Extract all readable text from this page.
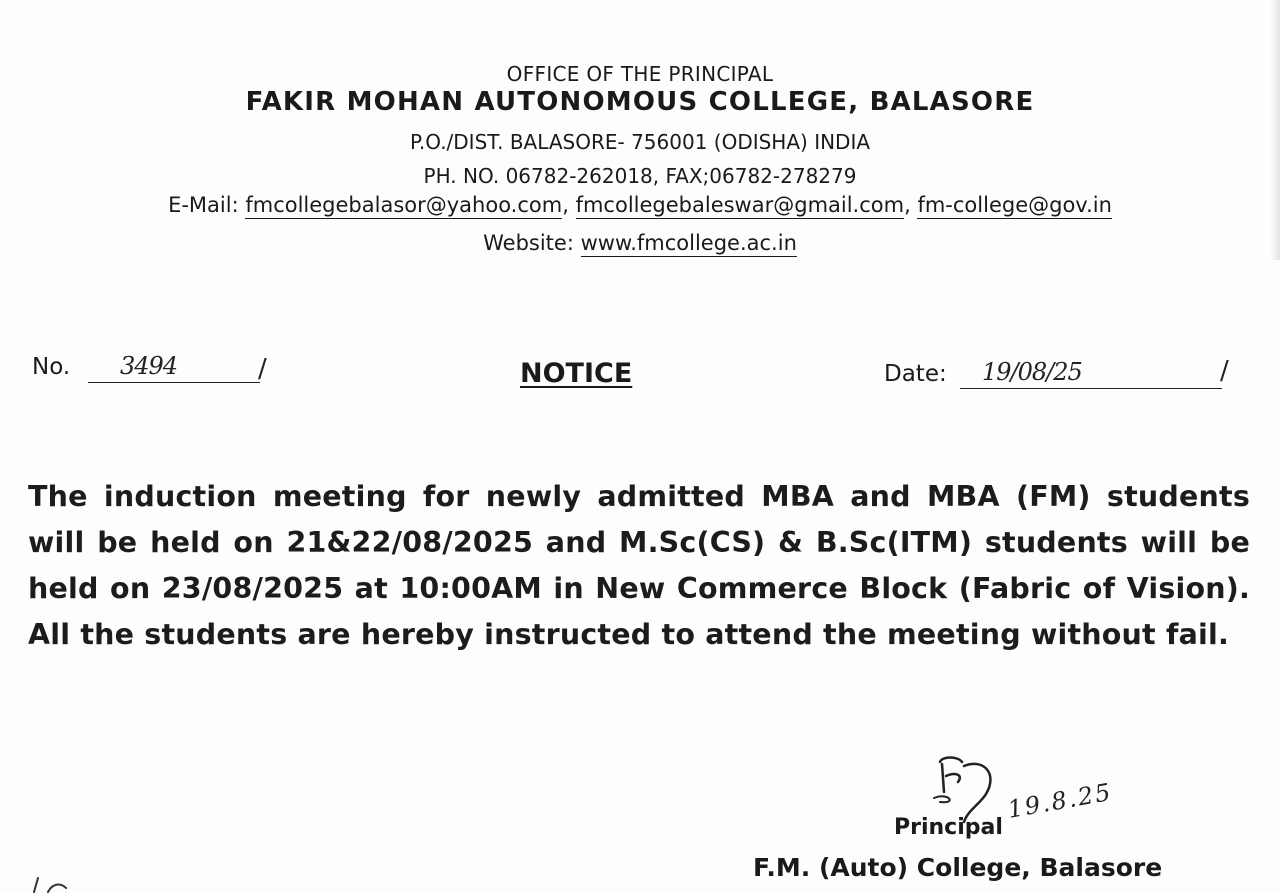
OFFICE OF THE PRINCIPAL
FAKIR MOHAN AUTONOMOUS COLLEGE, BALASORE
P.O./DIST. BALASORE- 756001 (ODISHA) INDIA
PH. NO. 06782-262018, FAX;06782-278279
E-Mail: fmcollegebalasor@yahoo.com, fmcollegebaleswar@gmail.com, fm-college@gov.in
Website: www.fmcollege.ac.in
No. 3494	/	NOTICE	Date: 19/08/25	/
The induction meeting for newly admitted MBA and MBA (FM) students will be held on 21&22/08/2025 and M.Sc(CS) & B.Sc(ITM) students will be held on 23/08/2025 at 10:00AM in New Commerce Block (Fabric of Vision). All the students are hereby instructed to attend the meeting without fail.
Principal
19.8.25
F.M. (Auto) College, Balasore
